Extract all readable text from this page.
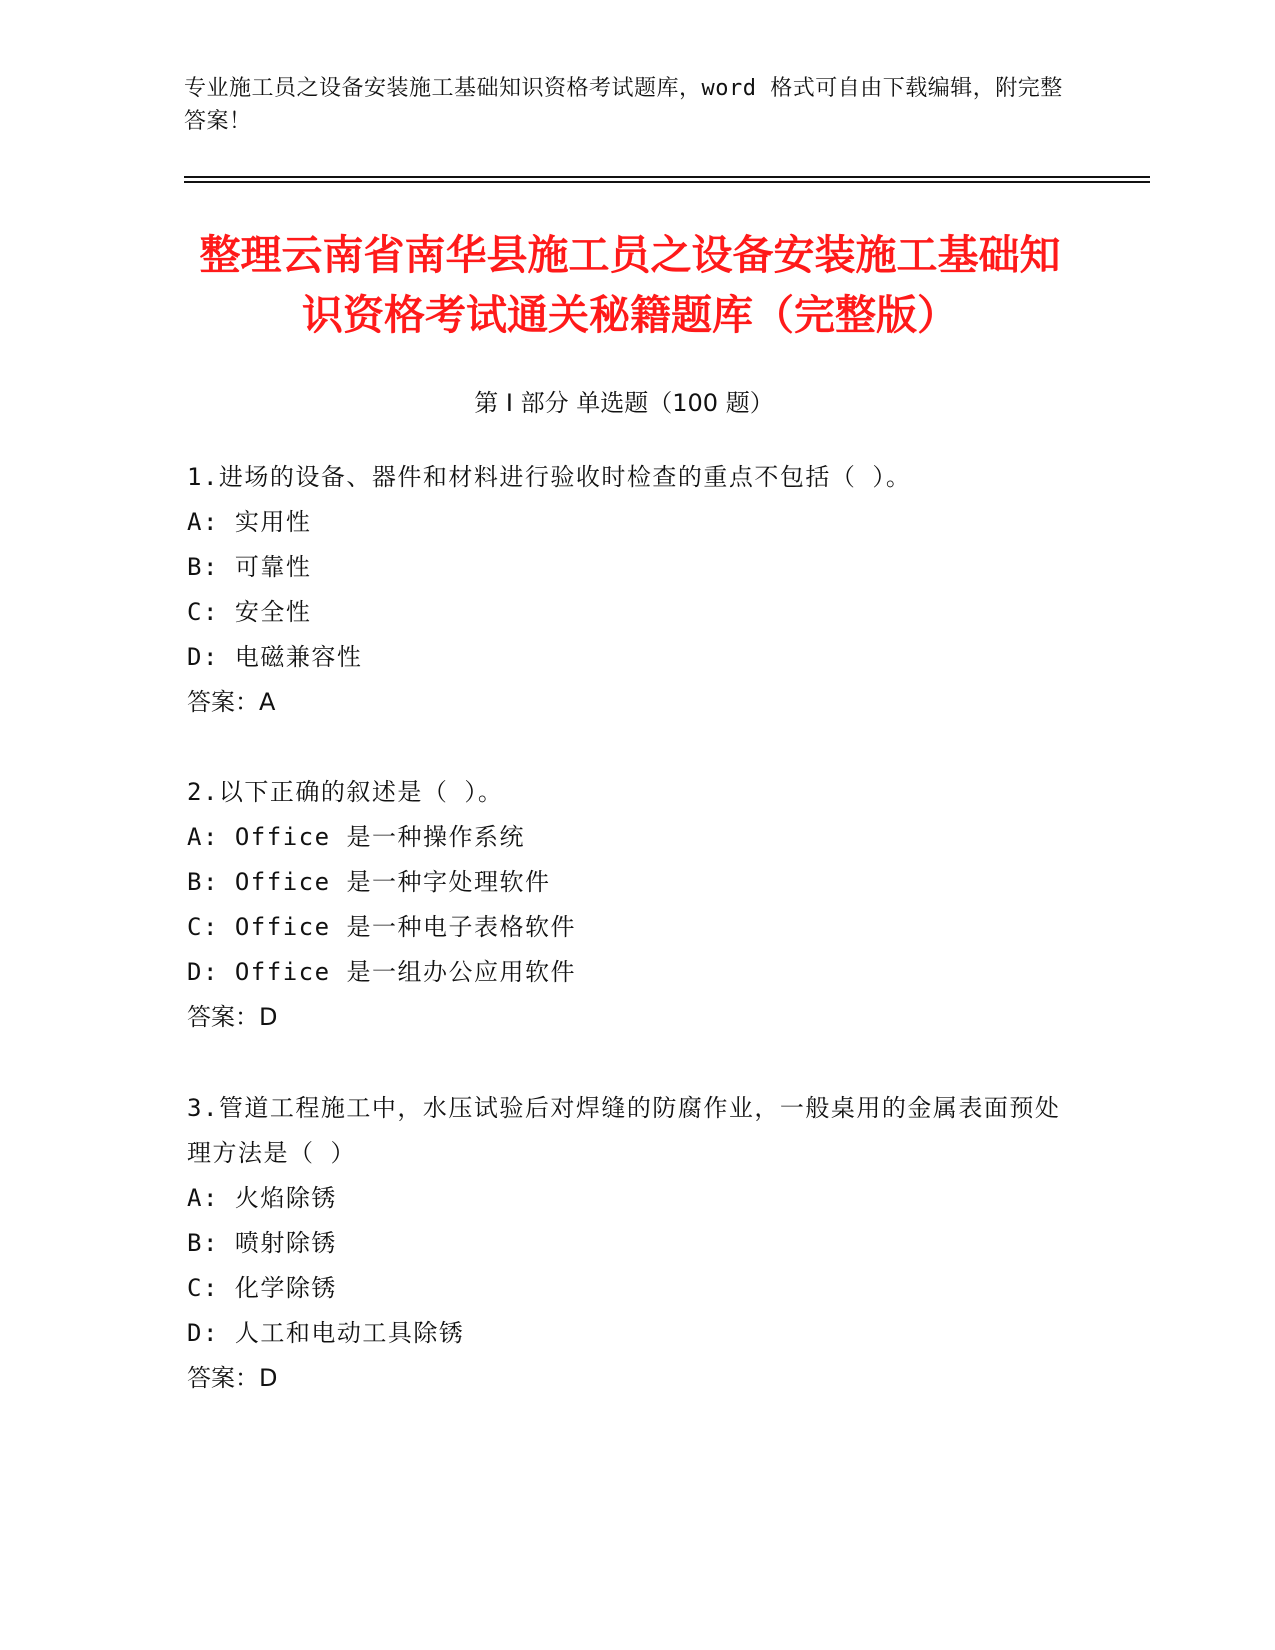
专业施工员之设备安装施工基础知识资格考试题库，word 格式可自由下载编辑，附完整答案！
整理云南省南华县施工员之设备安装施工基础知识资格考试通关秘籍题库（完整版）
第 I 部分 单选题（100 题）

1.进场的设备、器件和材料进行验收时检查的重点不包括（ ）。

A: 实用性

B: 可靠性

C: 安全性

D: 电磁兼容性

答案：A

2.以下正确的叙述是（ ）。

A: Office 是一种操作系统

B: Office 是一种字处理软件

C: Office 是一种电子表格软件

D: Office 是一组办公应用软件

答案：D

3.管道工程施工中，水压试验后对焊缝的防腐作业，一般桌用的金属表面预处理方法是（ ）

A: 火焰除锈

B: 喷射除锈

C: 化学除锈

D: 人工和电动工具除锈

答案：D
